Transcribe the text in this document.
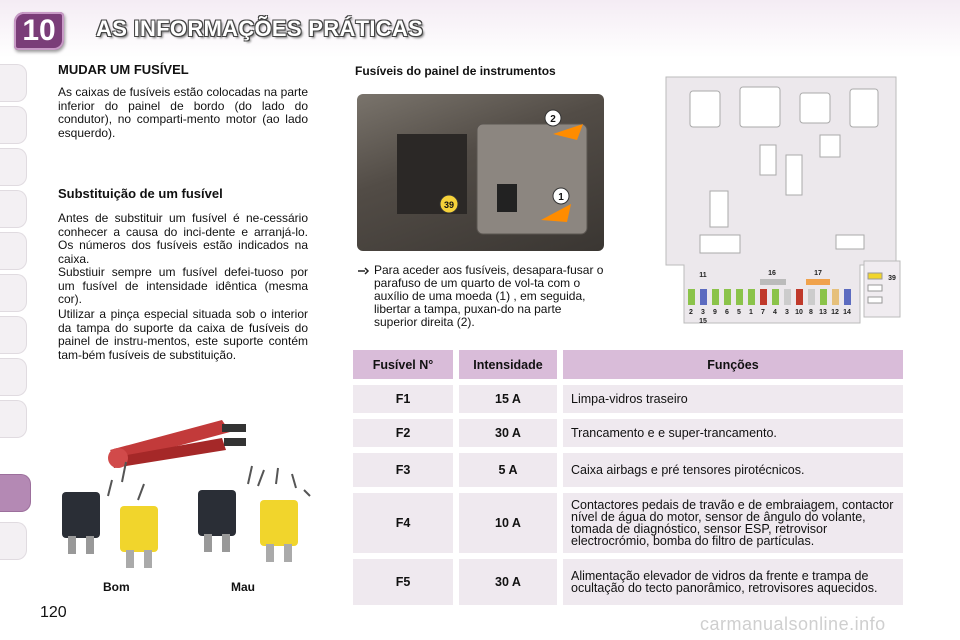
10	AS INFORMAÇÕES PRÁTICAS
MUDAR UM FUSÍVEL

As caixas de fusíveis estão colocadas na parte inferior do painel de bordo (do lado do condutor), no comparti-mento motor (ao lado esquerdo).

Substituição de um fusível

Antes de substituir um fusível é ne-cessário conhecer a causa do inci-dente e arranjá-lo. Os números dos fusíveis estão indicados na caixa.

Substiuir sempre um fusível defei-tuoso por um fusível de intensidade idêntica (mesma cor).

Utilizar a pinça especial situada sob o interior da tampa do suporte da caixa de fusíveis do painel de instru-mentos, este suporte contém tam-bém fusíveis de substituição.

Bom	Mau
Fusíveis do painel de instrumentos
2
1
39
Para aceder aos fusíveis, desapara-fusar o parafuso de um quarto de vol-ta com o auxílio de uma moeda (1) , em seguida, libertar a tampa, puxan-do na parte superior direita (2).
11	16	17
2 3 9 6 5 1 7 4 3 10 8 13 12 14
15
39
Fusível N°	Intensidade	Funções
F1	15 A	Limpa-vidros traseiro
F2	30 A	Trancamento e e super-trancamento.
F3	5 A	Caixa airbags e pré tensores pirotécnicos.
F4	10 A	Contactores pedais de travão e de embraiagem, contactor nível de água do motor, sensor de ângulo do volante, tomada de diagnóstico, sensor ESP, retrovisor electrocrómio, bomba do filtro de partículas.
F5	30 A	Alimentação elevador de vidros da frente e trampa de ocultação do tecto panorâmico, retrovisores aquecidos.
120
carmanualsonline.info
